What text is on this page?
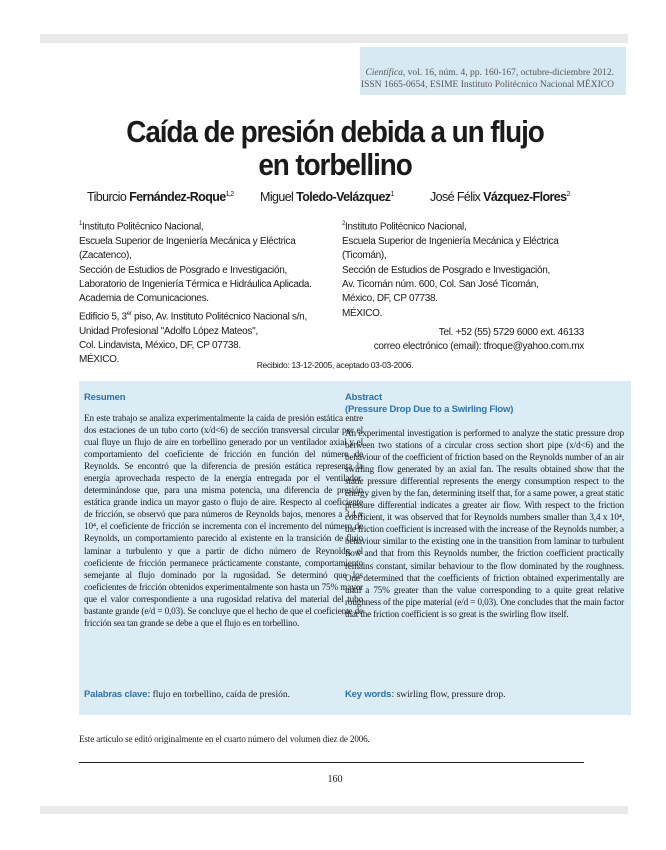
Científica, vol. 16, núm. 4, pp. 160-167, octubre-diciembre 2012.
ISSN 1665-0654, ESIME Instituto Politécnico Nacional MÉXICO
Caída de presión debida a un flujo
en torbellino
Tiburcio Fernández-Roque$^{1,2}$ Miguel Toledo-Velázquez$^1$	José Félix Vázquez-Flores$^2$
$^1$Instituto Politécnico Nacional,
Escuela Superior de Ingeniería Mecánica y Eléctrica
(Zacatenco),
Sección de Estudios de Posgrado e Investigación,
Laboratorio de Ingeniería Térmica e Hidráulica Aplicada.
Academia de Comunicaciones.
Edificio 5, 3er piso, Av. Instituto Politécnico Nacional s/n,
Unidad Profesional "Adolfo López Mateos",
Col. Lindavista, México, DF, CP 07738.
MÉXICO.
$^2$Instituto Politécnico Nacional,
Escuela Superior de Ingeniería Mecánica y Eléctrica
(Ticomán),
Sección de Estudios de Posgrado e Investigación,
Av. Ticomán núm. 600, Col. San José Ticomán,
México, DF, CP 07738.
MÉXICO.
Tel. +52 (55) 5729 6000 ext. 46133
correo electrónico (email): tfroque@yahoo.com.mx
Recibido: 13-12-2005, aceptado 03-03-2006.
Resumen
En este trabajo se analiza experimentalmente la caída de presión estática entre dos estaciones de un tubo corto (x/d<6) de sección transversal circular por el cual fluye un flujo de aire en torbellino generado por un ventilador axial y el comportamiento del coeficiente de fricción en función del número de Reynolds. Se encontró que la diferencia de presión estática representa la energía aprovechada respecto de la energía entregada por el ventilador, determinándose que, para una misma potencia, una diferencia de presión estática grande indica un mayor gasto o flujo de aire. Respecto al coeficiente de fricción, se observó que para números de Reynolds bajos, menores a 3,4 x 10⁴, el coeficiente de fricción se incrementa con el incremento del número de Reynolds, un comportamiento parecido al existente en la transición de flujo laminar a turbulento y que a partir de dicho número de Reynolds, el coeficiente de fricción permanece prácticamente constante, comportamiento semejante al flujo dominado por la rugosidad. Se determinó que los coeficientes de fricción obtenidos experimentalmente son hasta un 75% mayor que el valor correspondiente a una rugosidad relativa del material del tubo bastante grande (e/d = 0,03). Se concluye que el hecho de que el coeficiente de fricción sea tan grande se debe a que el flujo es en torbellino.
Palabras clave: flujo en torbellino, caída de presión.
Abstract
(Pressure Drop Due to a Swirling Flow)
An experimental investigation is performed to analyze the static pressure drop between two stations of a circular cross section short pipe (x/d<6) and the behaviour of the coefficient of friction based on the Reynolds number of an air swirling flow generated by an axial fan. The results obtained show that the static pressure differential represents the energy consumption respect to the energy given by the fan, determining itself that, for a same power, a great static pressure differential indicates a greater air flow. With respect to the friction coefficient, it was observed that for Reynolds numbers smaller than 3,4 x 10⁴, the friction coefficient is increased with the increase of the Reynolds number, a behaviour similar to the existing one in the transition from laminar to turbulent flow and that from this Reynolds number, the friction coefficient practically remains constant, similar behaviour to the flow dominated by the roughness. One determined that the coefficients of friction obtained experimentally are until a 75% greater than the value corresponding to a quite great relative roughness of the pipe material (e/d = 0,03). One concludes that the main factor that the friction coefficient is so great is the swirling flow itself.
Key words: swirling flow, pressure drop.
Este artículo se editó originalmente en el cuarto número del volumen diez de 2006.
160
